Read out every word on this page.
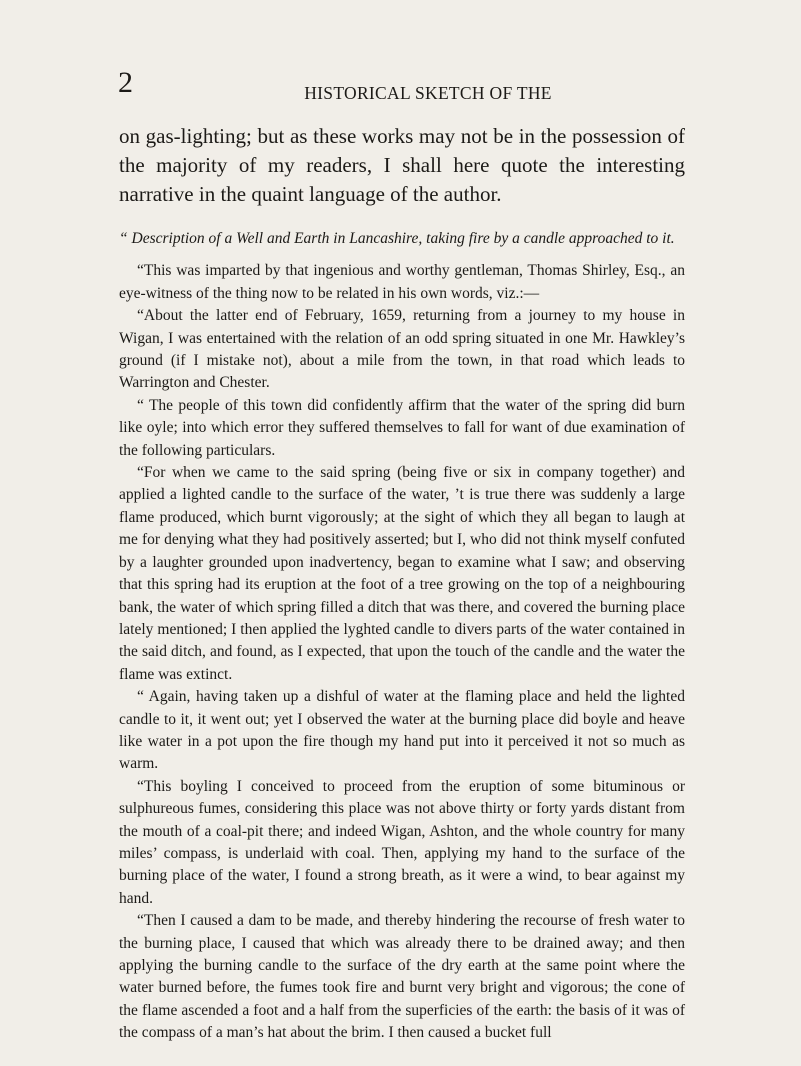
2	HISTORICAL SKETCH OF THE

on gas-lighting; but as these works may not be in the possession of the majority of my readers, I shall here quote the interesting narrative in the quaint language of the author.

“ Description of a Well and Earth in Lancashire, taking fire by a candle approached to it.

“This was imparted by that ingenious and worthy gentleman, Thomas Shirley, Esq., an eye-witness of the thing now to be related in his own words, viz.:—

“About the latter end of February, 1659, returning from a journey to my house in Wigan, I was entertained with the relation of an odd spring situated in one Mr. Hawkley’s ground (if I mistake not), about a mile from the town, in that road which leads to Warrington and Chester.

“ The people of this town did confidently affirm that the water of the spring did burn like oyle; into which error they suffered themselves to fall for want of due examination of the following particulars.

“For when we came to the said spring (being five or six in company together) and applied a lighted candle to the surface of the water, ’t is true there was suddenly a large flame produced, which burnt vigorously; at the sight of which they all began to laugh at me for denying what they had positively asserted; but I, who did not think myself confuted by a laughter grounded upon inadvertency, began to examine what I saw; and observing that this spring had its eruption at the foot of a tree growing on the top of a neighbouring bank, the water of which spring filled a ditch that was there, and covered the burning place lately mentioned; I then applied the lyghted candle to divers parts of the water contained in the said ditch, and found, as I expected, that upon the touch of the candle and the water the flame was extinct.

“ Again, having taken up a dishful of water at the flaming place and held the lighted candle to it, it went out; yet I observed the water at the burning place did boyle and heave like water in a pot upon the fire though my hand put into it perceived it not so much as warm.

“This boyling I conceived to proceed from the eruption of some bituminous or sulphureous fumes, considering this place was not above thirty or forty yards distant from the mouth of a coal-pit there; and indeed Wigan, Ashton, and the whole country for many miles’ compass, is underlaid with coal. Then, applying my hand to the surface of the burning place of the water, I found a strong breath, as it were a wind, to bear against my hand.

“Then I caused a dam to be made, and thereby hindering the recourse of fresh water to the burning place, I caused that which was already there to be drained away; and then applying the burning candle to the surface of the dry earth at the same point where the water burned before, the fumes took fire and burnt very bright and vigorous; the cone of the flame ascended a foot and a half from the superficies of the earth: the basis of it was of the compass of a man’s hat about the brim. I then caused a bucket full
